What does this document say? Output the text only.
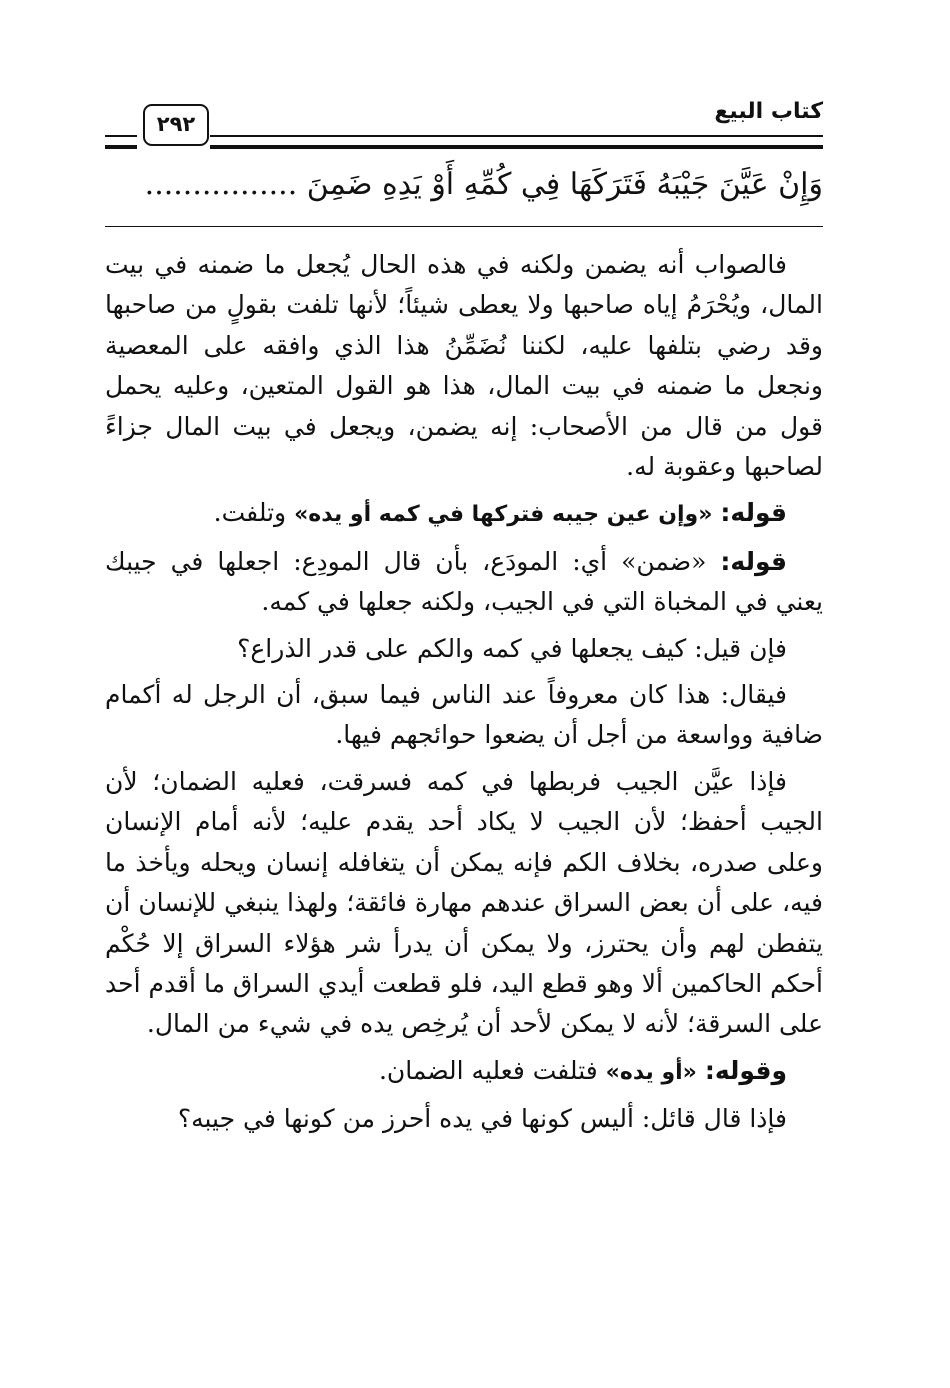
كتاب البيع
٢٩٢
وَإِنْ عَيَّنَ جَيْبَهُ فَتَرَكَهَا فِي كُمِّهِ أَوْ يَدِهِ ضَمِنَ ................

فالصواب أنه يضمن ولكنه في هذه الحال يُجعل ما ضمنه في بيت المال، ويُحْرَمُ إياه صاحبها ولا يعطى شيئاً؛ لأنها تلفت بقولٍ من صاحبها وقد رضي بتلفها عليه، لكننا نُضَمِّنُ هذا الذي وافقه على المعصية ونجعل ما ضمنه في بيت المال، هذا هو القول المتعين، وعليه يحمل قول من قال من الأصحاب: إنه يضمن، ويجعل في بيت المال جزاءً لصاحبها وعقوبة له.

قوله: «وإن عين جيبه فتركها في كمه أو يده» وتلفت.

قوله: «ضمن» أي: المودَع، بأن قال المودِع: اجعلها في جيبك يعني في المخباة التي في الجيب، ولكنه جعلها في كمه.

فإن قيل: كيف يجعلها في كمه والكم على قدر الذراع؟

فيقال: هذا كان معروفاً عند الناس فيما سبق، أن الرجل له أكمام ضافية وواسعة من أجل أن يضعوا حوائجهم فيها.

فإذا عيَّن الجيب فربطها في كمه فسرقت، فعليه الضمان؛ لأن الجيب أحفظ؛ لأن الجيب لا يكاد أحد يقدم عليه؛ لأنه أمام الإنسان وعلى صدره، بخلاف الكم فإنه يمكن أن يتغافله إنسان ويحله ويأخذ ما فيه، على أن بعض السراق عندهم مهارة فائقة؛ ولهذا ينبغي للإنسان أن يتفطن لهم وأن يحترز، ولا يمكن أن يدرأ شر هؤلاء السراق إلا حُكْم أحكم الحاكمين ألا وهو قطع اليد، فلو قطعت أيدي السراق ما أقدم أحد على السرقة؛ لأنه لا يمكن لأحد أن يُرخِص يده في شيء من المال.

وقوله: «أو يده» فتلفت فعليه الضمان.

فإذا قال قائل: أليس كونها في يده أحرز من كونها في جيبه؟
